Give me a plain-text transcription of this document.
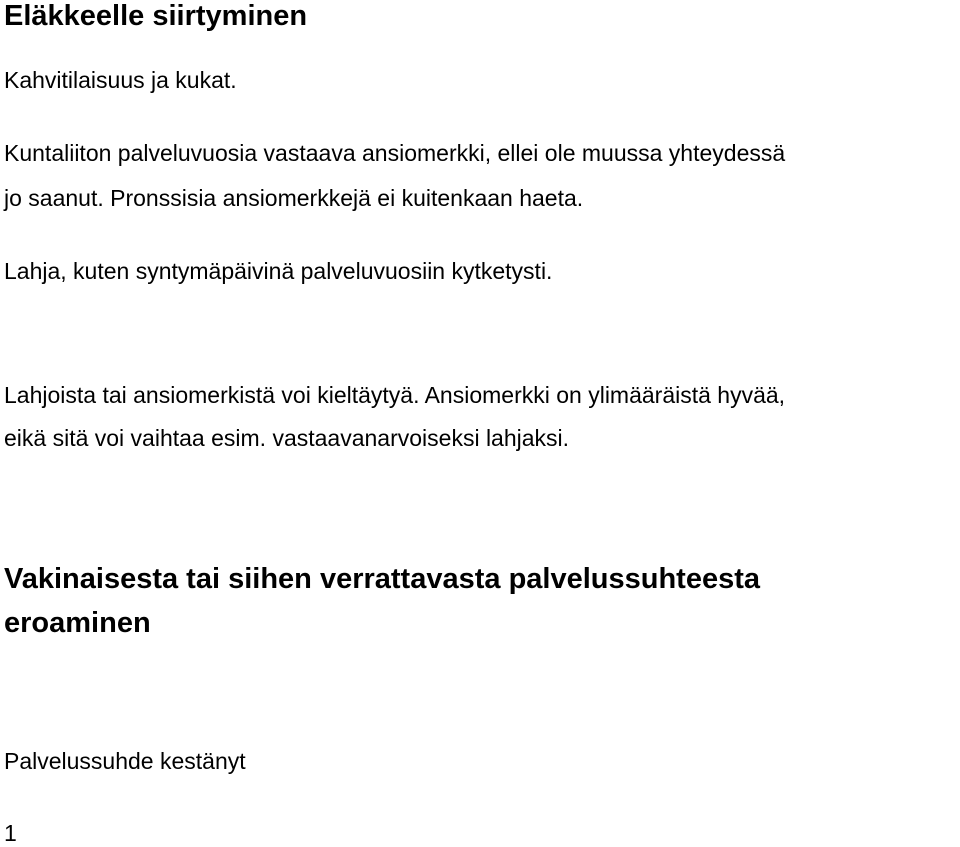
Eläkkeelle siirtyminen

Kahvitilaisuus ja kukat.

Kuntaliiton palveluvuosia vastaava ansiomerkki, ellei ole muussa yhteydessä

jo saanut. Pronssisia ansiomerkkejä ei kuitenkaan haeta.

Lahja, kuten syntymäpäivinä palveluvuosiin kytketysti.

Lahjoista tai ansiomerkistä voi kieltäytyä. Ansiomerkki on ylimääräistä hyvää,

eikä sitä voi vaihtaa esim. vastaavanarvoiseksi lahjaksi.

Vakinaisesta tai siihen verrattavasta palvelussuhteesta
eroaminen

Palvelussuhde kestänyt

1
